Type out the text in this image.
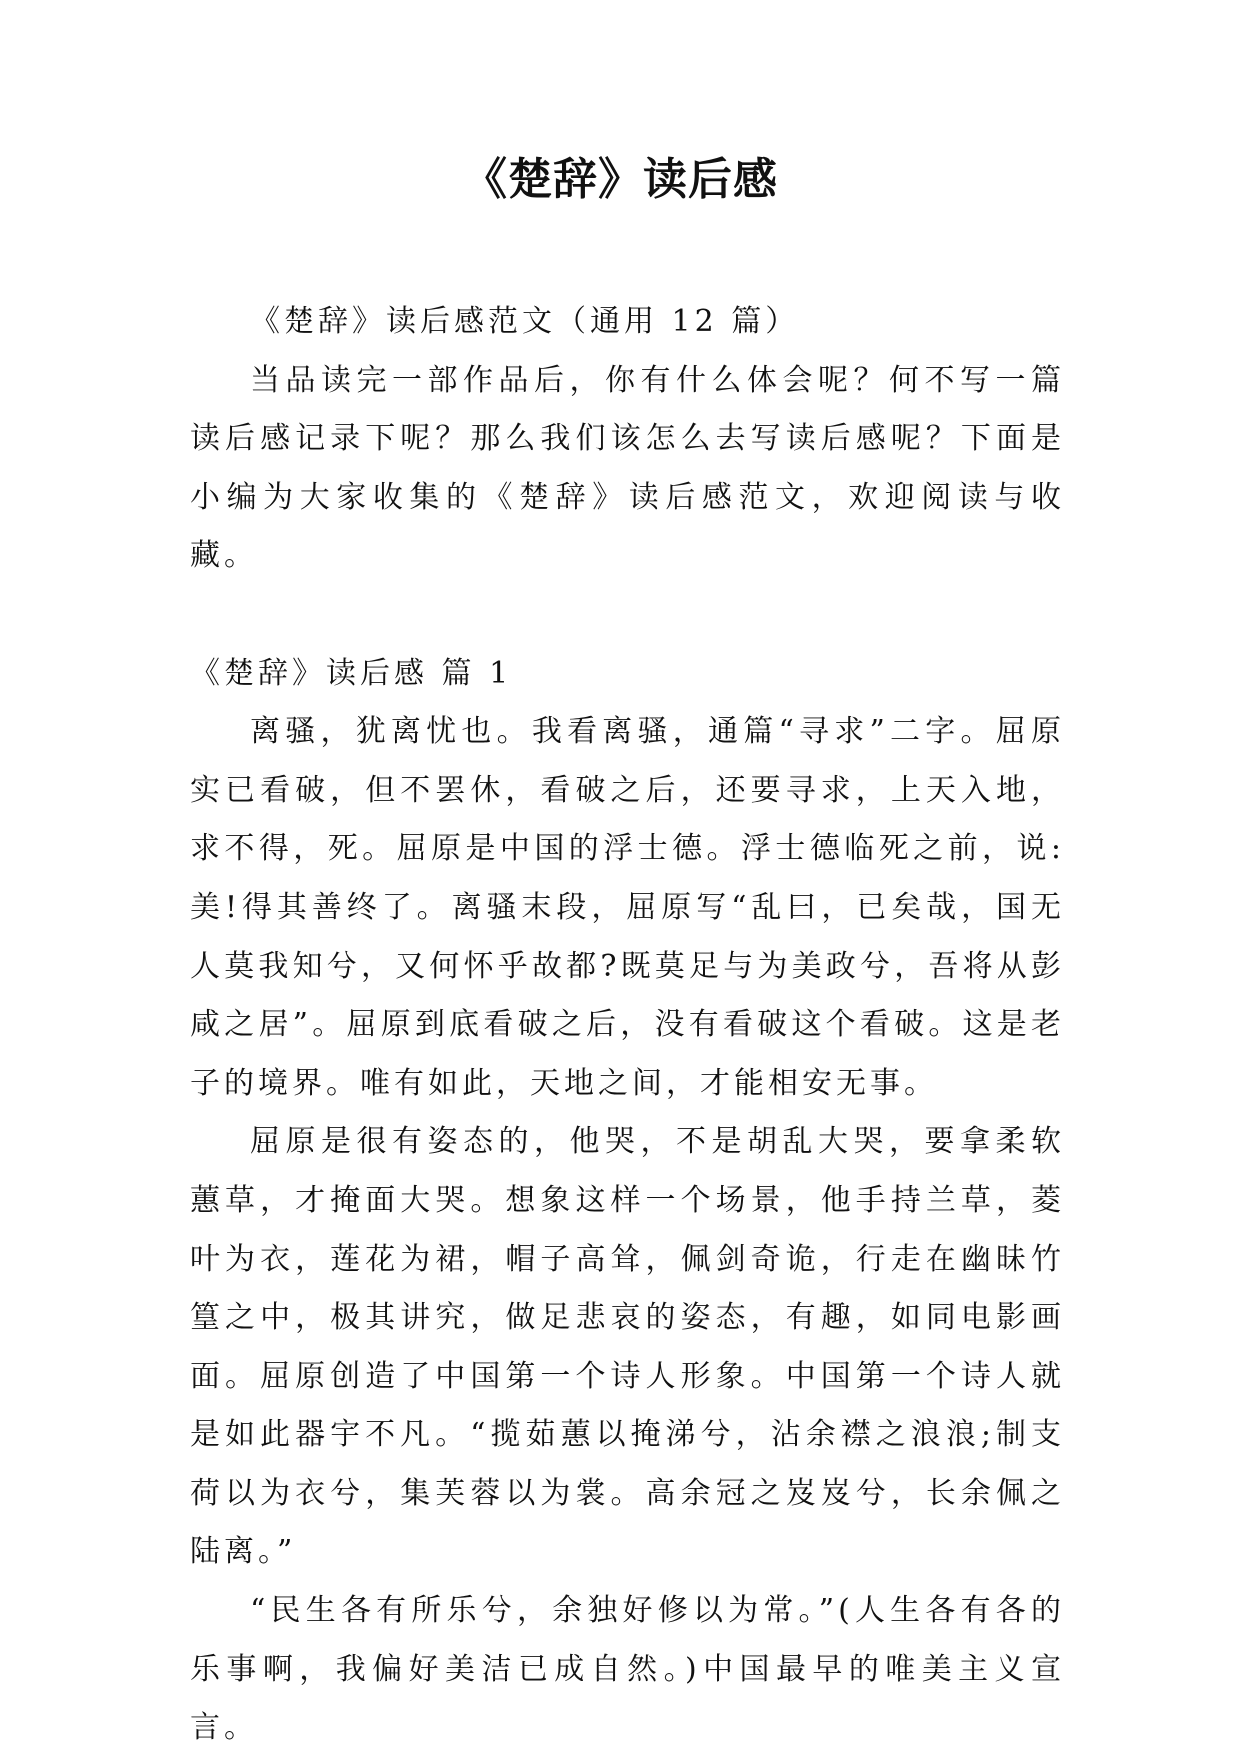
《楚辞》读后感

《楚辞》读后感范文（通用 12 篇）

当品读完一部作品后，你有什么体会呢？何不写一篇读后感记录下呢？那么我们该怎么去写读后感呢？下面是小编为大家收集的《楚辞》读后感范文，欢迎阅读与收藏。

《楚辞》读后感 篇 1

离骚，犹离忧也。我看离骚，通篇“寻求”二字。屈原实已看破，但不罢休，看破之后，还要寻求，上天入地，求不得，死。屈原是中国的浮士德。浮士德临死之前，说:美!得其善终了。离骚末段，屈原写“乱曰，已矣哉，国无人莫我知兮，又何怀乎故都?既莫足与为美政兮，吾将从彭咸之居”。屈原到底看破之后，没有看破这个看破。这是老子的境界。唯有如此，天地之间，才能相安无事。

屈原是很有姿态的，他哭，不是胡乱大哭，要拿柔软蕙草，才掩面大哭。想象这样一个场景，他手持兰草，菱叶为衣，莲花为裙，帽子高耸，佩剑奇诡，行走在幽昧竹篁之中，极其讲究，做足悲哀的姿态，有趣，如同电影画面。屈原创造了中国第一个诗人形象。中国第一个诗人就是如此器宇不凡。“揽茹蕙以掩涕兮，沾余襟之浪浪;制支荷以为衣兮，集芙蓉以为裳。高余冠之岌岌兮，长余佩之陆离。”

“民生各有所乐兮，余独好修以为常。”(人生各有各的乐事啊，我偏好美洁已成自然。)中国最早的唯美主义宣言。
